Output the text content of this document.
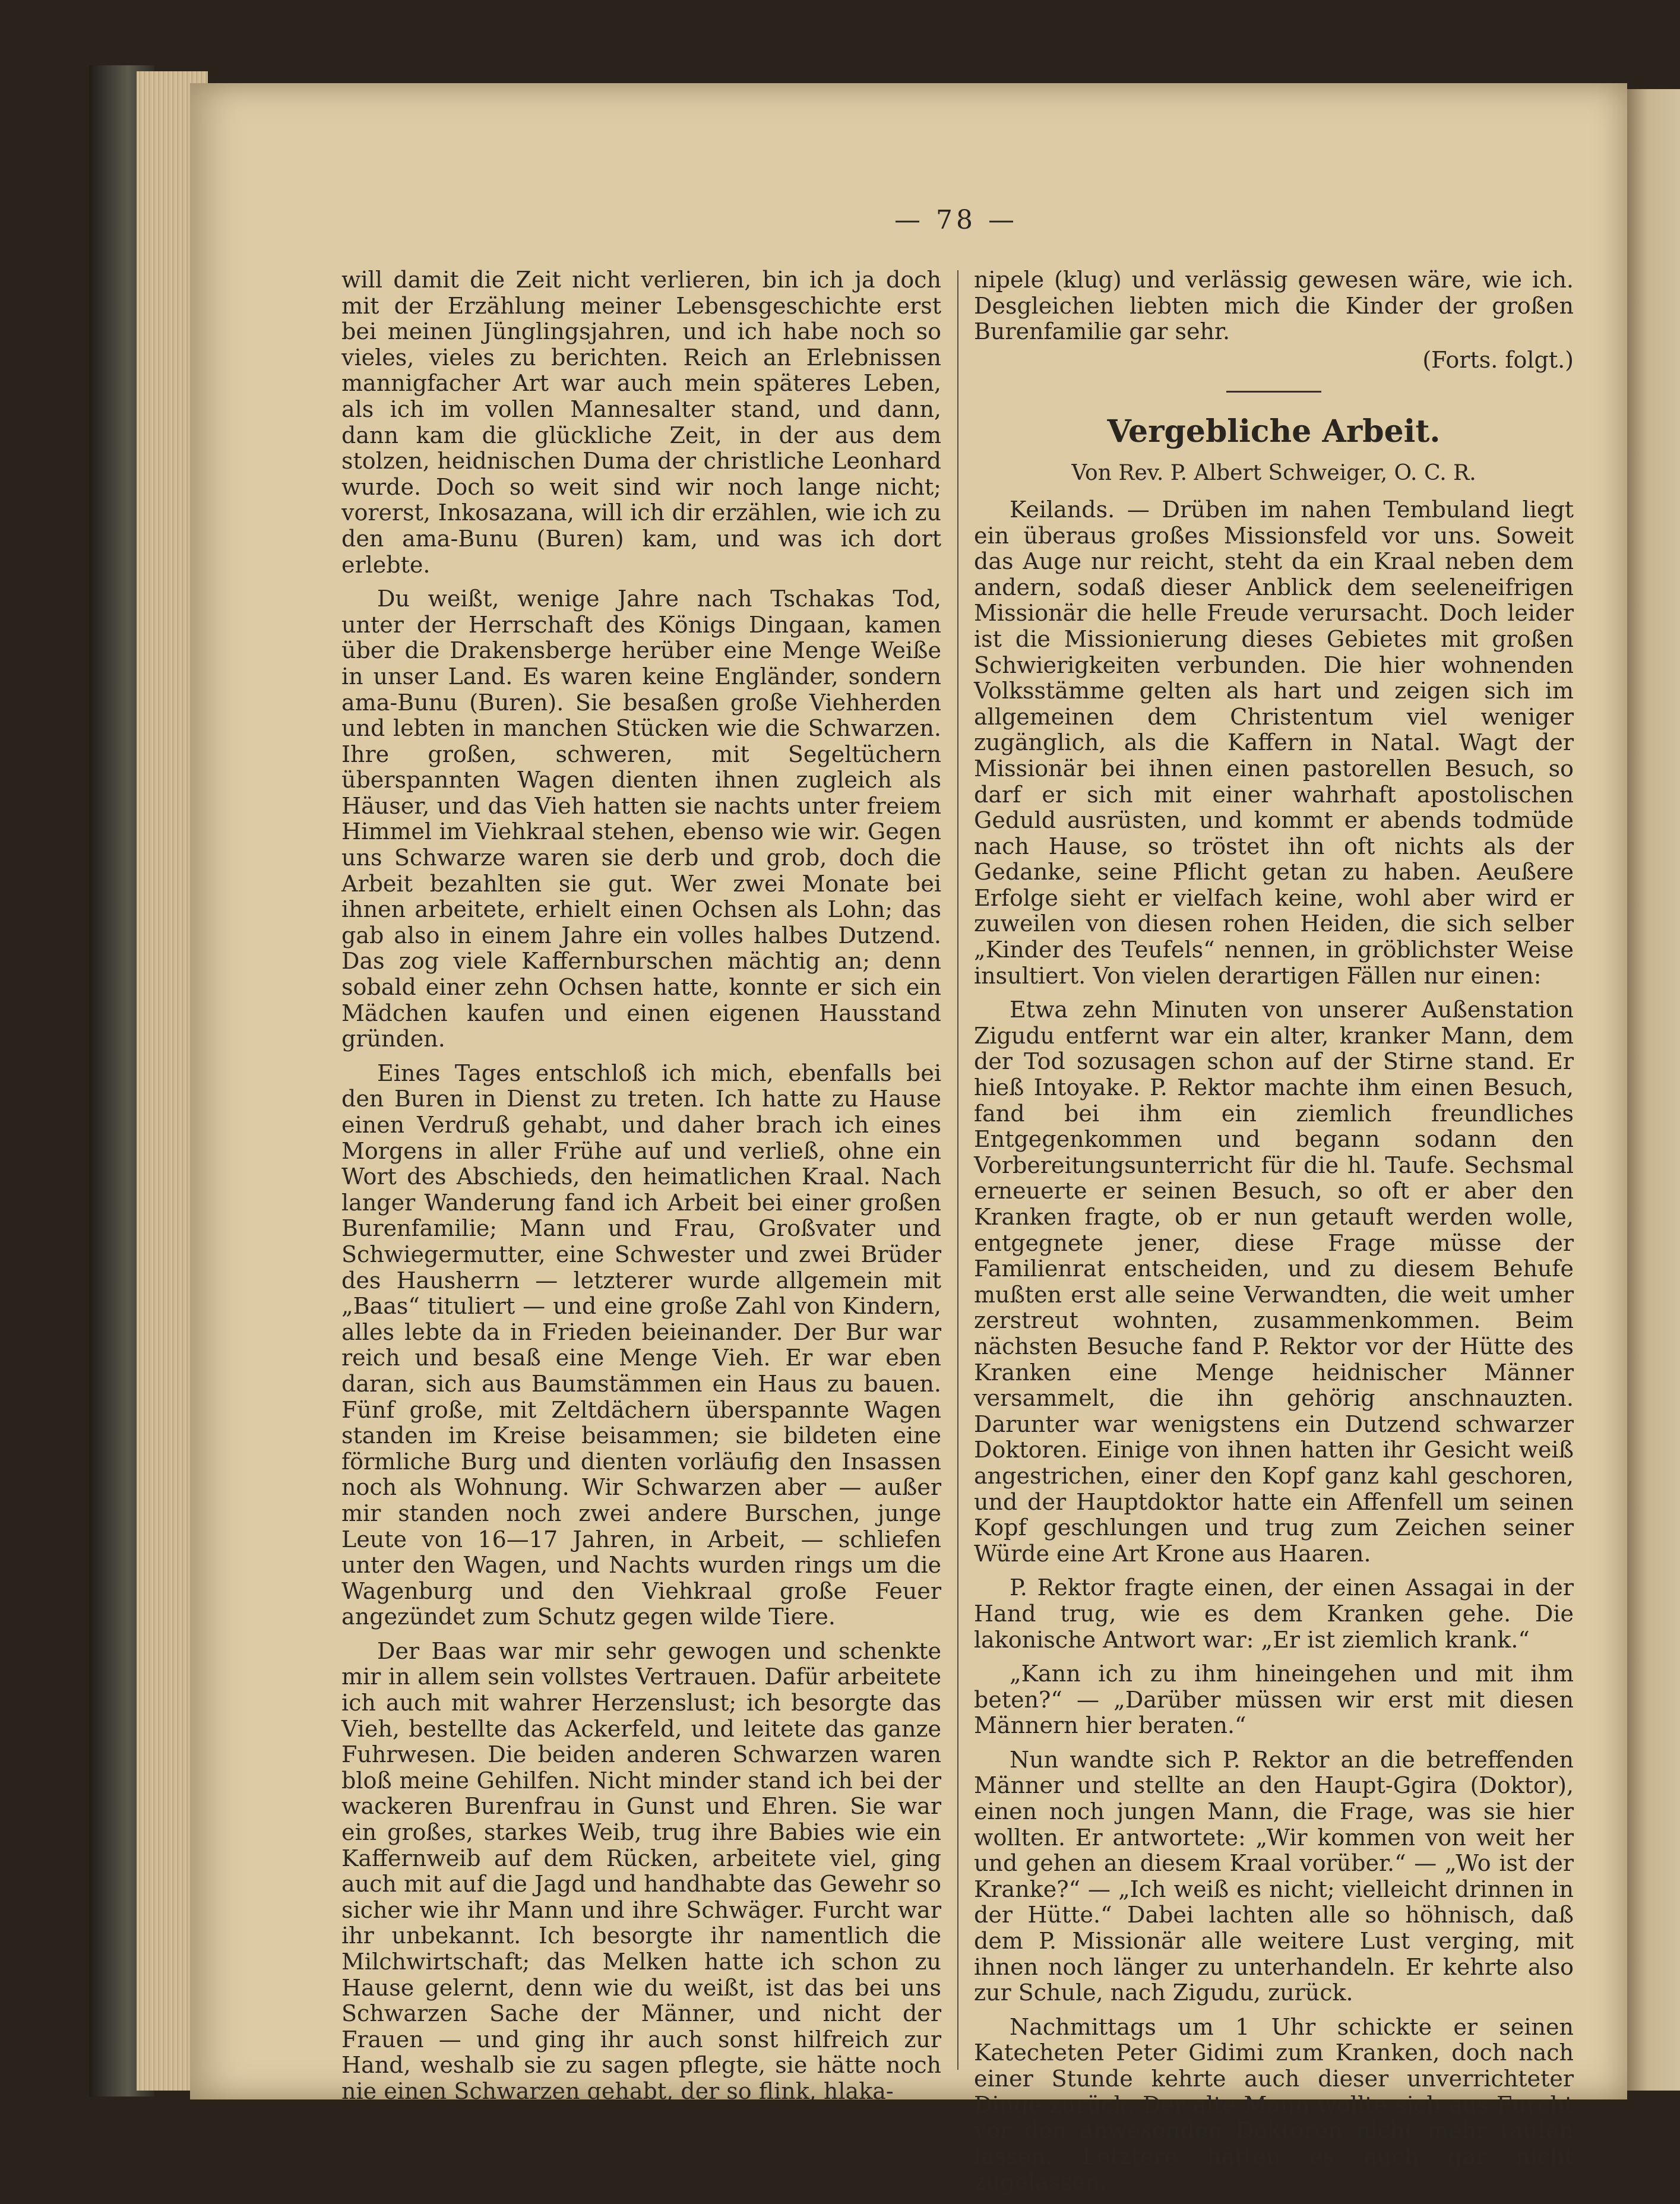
— 78 —

will damit die Zeit nicht verlieren, bin ich ja doch mit der Erzählung meiner Lebensgeschichte erst bei meinen Jünglingsjahren, und ich habe noch so vieles, vieles zu berichten. Reich an Erlebnissen mannigfacher Art war auch mein späteres Leben, als ich im vollen Mannesalter stand, und dann, dann kam die glückliche Zeit, in der aus dem stolzen, heidnischen Duma der christliche Leonhard wurde. Doch so weit sind wir noch lange nicht; vorerst, Inkosazana, will ich dir erzählen, wie ich zu den ama-Bunu (Buren) kam, und was ich dort erlebte.

Du weißt, wenige Jahre nach Tschakas Tod, unter der Herrschaft des Königs Dingaan, kamen über die Drakensberge herüber eine Menge Weiße in unser Land. Es waren keine Engländer, sondern ama-Bunu (Buren). Sie besaßen große Viehherden und lebten in manchen Stücken wie die Schwarzen. Ihre großen, schweren, mit Segeltüchern überspannten Wagen dienten ihnen zugleich als Häuser, und das Vieh hatten sie nachts unter freiem Himmel im Viehkraal stehen, ebenso wie wir. Gegen uns Schwarze waren sie derb und grob, doch die Arbeit bezahlten sie gut. Wer zwei Monate bei ihnen arbeitete, erhielt einen Ochsen als Lohn; das gab also in einem Jahre ein volles halbes Dutzend. Das zog viele Kaffernburschen mächtig an; denn sobald einer zehn Ochsen hatte, konnte er sich ein Mädchen kaufen und einen eigenen Hausstand gründen.

Eines Tages entschloß ich mich, ebenfalls bei den Buren in Dienst zu treten. Ich hatte zu Hause einen Verdruß gehabt, und daher brach ich eines Morgens in aller Frühe auf und verließ, ohne ein Wort des Abschieds, den heimatlichen Kraal. Nach langer Wanderung fand ich Arbeit bei einer großen Burenfamilie; Mann und Frau, Großvater und Schwiegermutter, eine Schwester und zwei Brüder des Hausherrn — letzterer wurde allgemein mit „Baas“ tituliert — und eine große Zahl von Kindern, alles lebte da in Frieden beieinander. Der Bur war reich und besaß eine Menge Vieh. Er war eben daran, sich aus Baumstämmen ein Haus zu bauen. Fünf große, mit Zeltdächern überspannte Wagen standen im Kreise beisammen; sie bildeten eine förmliche Burg und dienten vorläufig den Insassen noch als Wohnung. Wir Schwarzen aber — außer mir standen noch zwei andere Burschen, junge Leute von 16—17 Jahren, in Arbeit, — schliefen unter den Wagen, und Nachts wurden rings um die Wagenburg und den Viehkraal große Feuer angezündet zum Schutz gegen wilde Tiere.

Der Baas war mir sehr gewogen und schenkte mir in allem sein vollstes Vertrauen. Dafür arbeitete ich auch mit wahrer Herzenslust; ich besorgte das Vieh, bestellte das Ackerfeld, und leitete das ganze Fuhrwesen. Die beiden anderen Schwarzen waren bloß meine Gehilfen. Nicht minder stand ich bei der wackeren Burenfrau in Gunst und Ehren. Sie war ein großes, starkes Weib, trug ihre Babies wie ein Kaffernweib auf dem Rücken, arbeitete viel, ging auch mit auf die Jagd und handhabte das Gewehr so sicher wie ihr Mann und ihre Schwäger. Furcht war ihr unbekannt. Ich besorgte ihr namentlich die Milchwirtschaft; das Melken hatte ich schon zu Hause gelernt, denn wie du weißt, ist das bei uns Schwarzen Sache der Männer, und nicht der Frauen — und ging ihr auch sonst hilfreich zur Hand, weshalb sie zu sagen pflegte, sie hätte noch nie einen Schwarzen gehabt, der so flink, hlaka-

nipele (klug) und verlässig gewesen wäre, wie ich. Desgleichen liebten mich die Kinder der großen Burenfamilie gar sehr.

(Forts. folgt.)
Vergebliche Arbeit.
Von Rev. P. Albert Schweiger, O. C. R.

Keilands. — Drüben im nahen Tembuland liegt ein überaus großes Missionsfeld vor uns. Soweit das Auge nur reicht, steht da ein Kraal neben dem andern, sodaß dieser Anblick dem seeleneifrigen Missionär die helle Freude verursacht. Doch leider ist die Missionierung dieses Gebietes mit großen Schwierigkeiten verbunden. Die hier wohnenden Volksstämme gelten als hart und zeigen sich im allgemeinen dem Christentum viel weniger zugänglich, als die Kaffern in Natal. Wagt der Missionär bei ihnen einen pastorellen Besuch, so darf er sich mit einer wahrhaft apostolischen Geduld ausrüsten, und kommt er abends todmüde nach Hause, so tröstet ihn oft nichts als der Gedanke, seine Pflicht getan zu haben. Aeußere Erfolge sieht er vielfach keine, wohl aber wird er zuweilen von diesen rohen Heiden, die sich selber „Kinder des Teufels“ nennen, in gröblichster Weise insultiert. Von vielen derartigen Fällen nur einen:

Etwa zehn Minuten von unserer Außenstation Zigudu entfernt war ein alter, kranker Mann, dem der Tod sozusagen schon auf der Stirne stand. Er hieß Intoyake. P. Rektor machte ihm einen Besuch, fand bei ihm ein ziemlich freundliches Entgegenkommen und begann sodann den Vorbereitungsunterricht für die hl. Taufe. Sechsmal erneuerte er seinen Besuch, so oft er aber den Kranken fragte, ob er nun getauft werden wolle, entgegnete jener, diese Frage müsse der Familienrat entscheiden, und zu diesem Behufe mußten erst alle seine Verwandten, die weit umher zerstreut wohnten, zusammenkommen. Beim nächsten Besuche fand P. Rektor vor der Hütte des Kranken eine Menge heidnischer Männer versammelt, die ihn gehörig anschnauzten. Darunter war wenigstens ein Dutzend schwarzer Doktoren. Einige von ihnen hatten ihr Gesicht weiß angestrichen, einer den Kopf ganz kahl geschoren, und der Hauptdoktor hatte ein Affenfell um seinen Kopf geschlungen und trug zum Zeichen seiner Würde eine Art Krone aus Haaren.

P. Rektor fragte einen, der einen Assagai in der Hand trug, wie es dem Kranken gehe. Die lakonische Antwort war: „Er ist ziemlich krank.“

„Kann ich zu ihm hineingehen und mit ihm beten?“ — „Darüber müssen wir erst mit diesen Männern hier beraten.“

Nun wandte sich P. Rektor an die betreffenden Männer und stellte an den Haupt-Ggira (Doktor), einen noch jungen Mann, die Frage, was sie hier wollten. Er antwortete: „Wir kommen von weit her und gehen an diesem Kraal vorüber.“ — „Wo ist der Kranke?“ — „Ich weiß es nicht; vielleicht drinnen in der Hütte.“ Dabei lachten alle so höhnisch, daß dem P. Missionär alle weitere Lust verging, mit ihnen noch länger zu unterhandeln. Er kehrte also zur Schule, nach Zigudu, zurück.

Nachmittags um 1 Uhr schickte er seinen Katecheten Peter Gidimi zum Kranken, doch nach einer Stunde kehrte auch dieser unverrichteter Dinge zurück. Der alte Mann wollte sich aus Furcht vor den anwesenden Doktoren nicht mehr taufen lassen. Letztere hätten es auch gar nicht zugelassen.
